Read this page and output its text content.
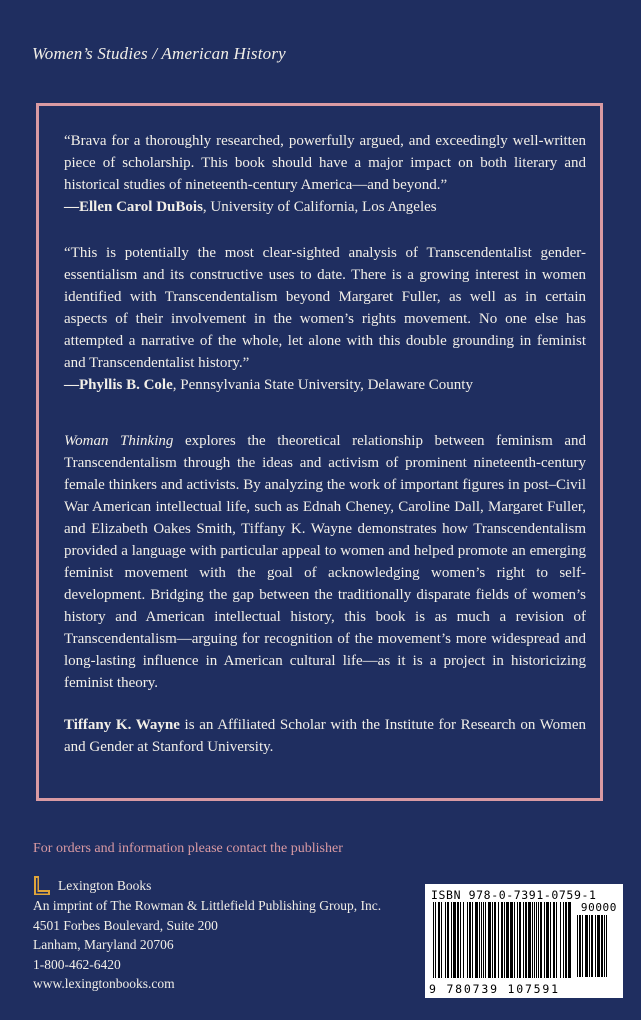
Women’s Studies / American History

“Brava for a thoroughly researched, powerfully argued, and exceedingly well-written piece of scholarship. This book should have a major impact on both literary and historical studies of nineteenth-century America—and beyond.”

—Ellen Carol DuBois, University of California, Los Angeles

“This is potentially the most clear-sighted analysis of Transcendentalist gender-essentialism and its constructive uses to date. There is a growing interest in women identified with Transcendentalism beyond Margaret Fuller, as well as in certain aspects of their involvement in the women’s rights movement. No one else has attempted a narrative of the whole, let alone with this double grounding in feminist and Transcendentalist history.”

—Phyllis B. Cole, Pennsylvania State University, Delaware County

Woman Thinking explores the theoretical relationship between feminism and Transcendentalism through the ideas and activism of prominent nineteenth-century female thinkers and activists. By analyzing the work of important figures in post–Civil War American intellectual life, such as Ednah Cheney, Caroline Dall, Margaret Fuller, and Elizabeth Oakes Smith, Tiffany K. Wayne demonstrates how Transcendentalism provided a language with particular appeal to women and helped promote an emerging feminist movement with the goal of acknowledging women’s right to self-development. Bridging the gap between the traditionally disparate fields of women’s history and American intellectual history, this book is as much a revision of Transcendentalism—arguing for recognition of the movement’s more widespread and long-lasting influence in American cultural life—as it is a project in historicizing feminist theory.

Tiffany K. Wayne is an Affiliated Scholar with the Institute for Research on Women and Gender at Stanford University.

For orders and information please contact the publisher
Lexington Books
An imprint of The Rowman & Littlefield Publishing Group, Inc.
4501 Forbes Boulevard, Suite 200
Lanham, Maryland 20706
1-800-462-6420
www.lexingtonbooks.com
ISBN 978-0-7391-0759-1
90000
9 780739 107591
